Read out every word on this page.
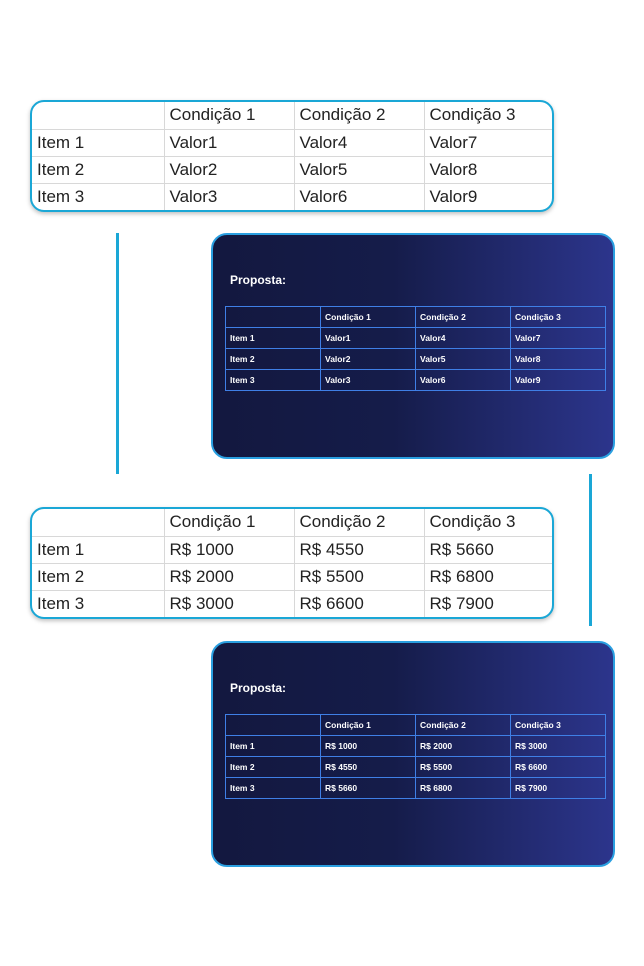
	Condição 1	Condição 2	Condição 3
Item 1	Valor1	Valor4	Valor7
Item 2	Valor2	Valor5	Valor8
Item 3	Valor3	Valor6	Valor9
Proposta:
	Condição 1	Condição 2	Condição 3
Item 1	Valor1	Valor4	Valor7
Item 2	Valor2	Valor5	Valor8
Item 3	Valor3	Valor6	Valor9
	Condição 1	Condição 2	Condição 3
Item 1	R$ 1000	R$ 4550	R$ 5660
Item 2	R$ 2000	R$ 5500	R$ 6800
Item 3	R$ 3000	R$ 6600	R$ 7900
Proposta:
	Condição 1	Condição 2	Condição 3
Item 1	R$ 1000	R$ 2000	R$ 3000
Item 2	R$ 4550	R$ 5500	R$ 6600
Item 3	R$ 5660	R$ 6800	R$ 7900
